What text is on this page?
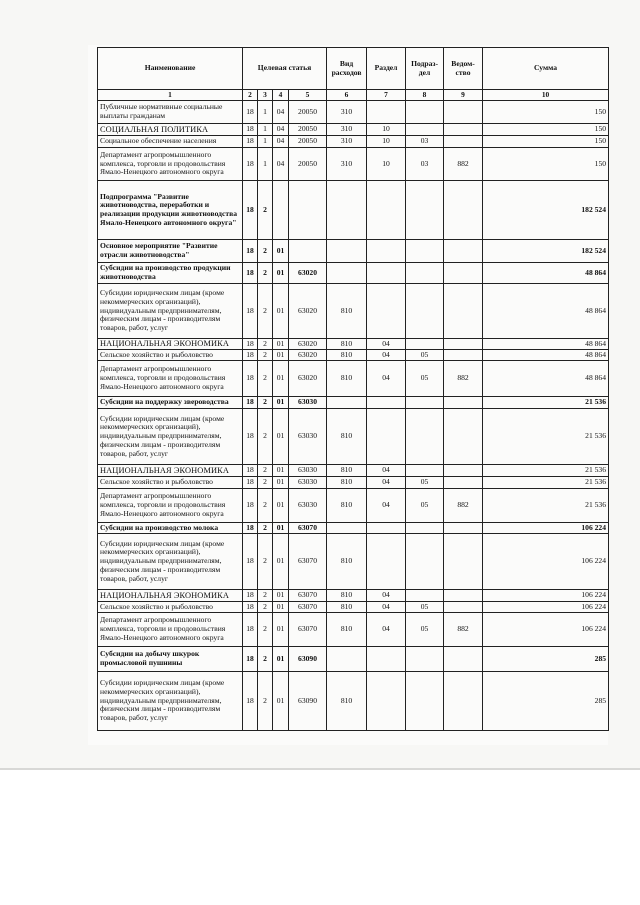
Наименование	Целевая статья				Вид расходов	Раздел	Подраз-дел	Ведом-ство	Сумма
1	2	3	4	5	6	7	8	9	10
Публичные нормативные социальные выплаты гражданам	18	1	04	20050	310				150
СОЦИАЛЬНАЯ ПОЛИТИКА	18	1	04	20050	310	10			150
Социальное обеспечение населения	18	1	04	20050	310	10	03		150
Департамент агропромышленного комплекса, торговли и продовольствия Ямало-Ненецкого автономного округа	18	1	04	20050	310	10	03	882	150
Подпрограмма "Развитие животноводства, переработки и реализации продукции животноводства Ямало-Ненецкого автономного округа"	18	2							182 524
Основное мероприятие "Развитие отрасли животноводства"	18	2	01						182 524
Субсидии на производство продукции животноводства	18	2	01	63020					48 864
Субсидии юридическим лицам (кроме некоммерческих организаций), индивидуальным предпринимателям, физическим лицам - производителям товаров, работ, услуг	18	2	01	63020	810				48 864
НАЦИОНАЛЬНАЯ ЭКОНОМИКА	18	2	01	63020	810	04			48 864
Сельское хозяйство и рыболовство	18	2	01	63020	810	04	05		48 864
Департамент агропромышленного комплекса, торговли и продовольствия Ямало-Ненецкого автономного округа	18	2	01	63020	810	04	05	882	48 864
Субсидии на поддержку звероводства	18	2	01	63030					21 536
Субсидии юридическим лицам (кроме некоммерческих организаций), индивидуальным предпринимателям, физическим лицам - производителям товаров, работ, услуг	18	2	01	63030	810				21 536
НАЦИОНАЛЬНАЯ ЭКОНОМИКА	18	2	01	63030	810	04			21 536
Сельское хозяйство и рыболовство	18	2	01	63030	810	04	05		21 536
Департамент агропромышленного комплекса, торговли и продовольствия Ямало-Ненецкого автономного округа	18	2	01	63030	810	04	05	882	21 536
Субсидии на производство молока	18	2	01	63070					106 224
Субсидии юридическим лицам (кроме некоммерческих организаций), индивидуальным предпринимателям, физическим лицам - производителям товаров, работ, услуг	18	2	01	63070	810				106 224
НАЦИОНАЛЬНАЯ ЭКОНОМИКА	18	2	01	63070	810	04			106 224
Сельское хозяйство и рыболовство	18	2	01	63070	810	04	05		106 224
Департамент агропромышленного комплекса, торговли и продовольствия Ямало-Ненецкого автономного округа	18	2	01	63070	810	04	05	882	106 224
Субсидии на добычу шкурок промысловой пушнины	18	2	01	63090					285
Субсидии юридическим лицам (кроме некоммерческих организаций), индивидуальным предпринимателям, физическим лицам - производителям товаров, работ, услуг	18	2	01	63090	810				285
